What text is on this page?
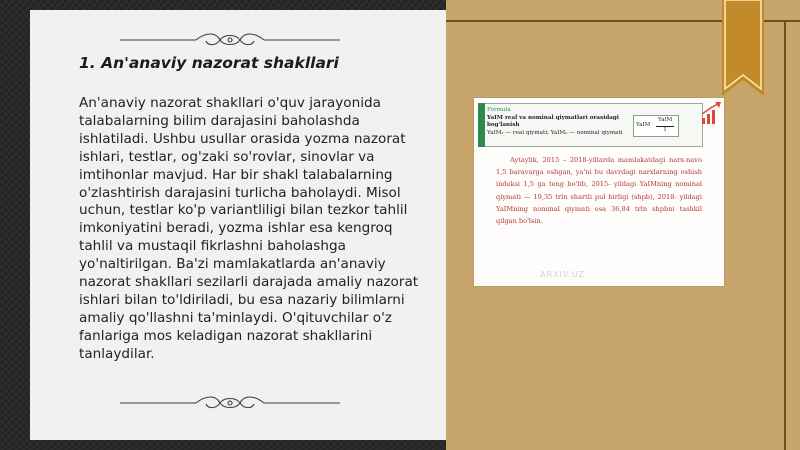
1. An'anaviy nazorat shakllari

An'anaviy nazorat shakllari o'quv jarayonida talabalarning bilim darajasini baholashda ishlatiladi. Ushbu usullar orasida yozma nazorat ishlari, testlar, og'zaki so'rovlar, sinovlar va imtihonlar mavjud. Har bir shakl talabalarning o'zlashtirish darajasini turlicha baholaydi. Misol uchun, testlar ko'p variantliligi bilan tezkor tahlil imkoniyatini beradi, yozma ishlar esa kengroq tahlil va mustaqil fikrlashni baholashga yo'naltirilgan. Ba'zi mamlakatlarda an'anaviy nazorat shakllari sezilarli darajada amaliy nazorat ishlari bilan to'ldiriladi, bu esa nazariy bilimlarni amaliy qo'llashni ta'minlaydi. O'qituvchilar o'z fanlariga mos keladigan nazorat shakllarini tanlaydilar.

Formula
YaIM real va nominal qiymatlari orasidagi bog'lanish
YaIM₁ — real qiymati; YaIMₙ — nominal qiymati
YaIM
YaIM
I

Aytaylik, 2015 – 2018-yillarda mamlakatdagi narx-navo 1,5 baravarga oshgan, ya'ni bu davrdagi narxlarning oshish indeksi 1,5 ga teng bo'lib, 2015- yildagi YaIMning nominal qiymati — 19,35 trln shartli pul birligi (shpb), 2018- yildagi YaIMning nominal qiymati esa 36,84 trln shpbni tashkil qilgan bo'lsin.

ARXIV.UZ
